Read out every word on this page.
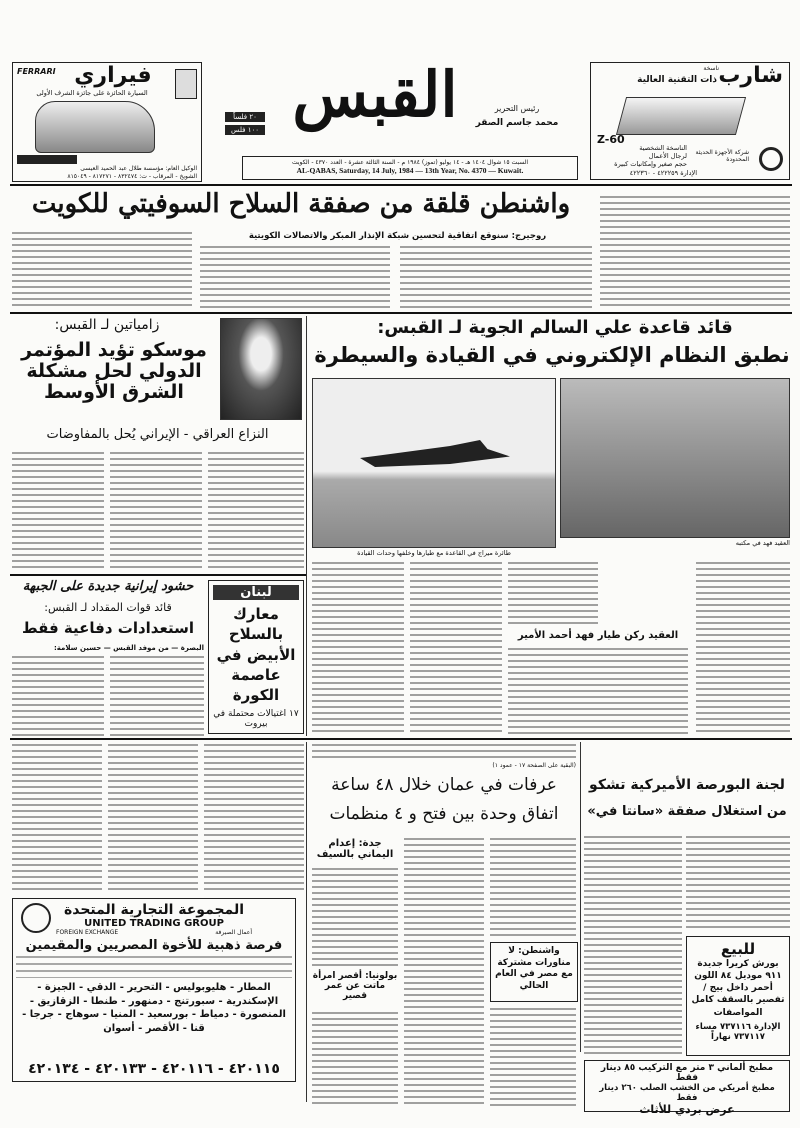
FERRARI فيراري
السيارة الحائزة على جائزة الشرف الأولى
الوكيل العام: مؤسسة طلال عبد الحميد العيسى
الشويخ - المرقاب - ت: ٨٣٢٤٧٤ - ٨١٧٢٧١ - ٨١٥٠٤٩
القبس
٢٠ فلساً
١٠٠ فلس
رئيس التحرير
محمد جاسم الصقر
السبت ١٥ شوال ١٤٠٤ هـ - ١٤ يوليو (تموز) ١٩٨٤ م - السنة الثالثة عشرة - العدد ٤٣٧٠ - الكويت
AL-QABAS, Saturday, 14 July, 1984 — 13th Year, No. 4370 — Kuwait.
شارب
ناسخة
ذات التقنية العالية
Z-60
الناسخة الشخصية
لرجال الأعمال
حجم صغير وإمكانيات كبيرة
شركة الأجهزة الحديثة المحدودة
الإدارة ٤٢٢٢٥٩ - ٤٢٢٣٦٠
واشنطن قلقة من صفقة السلاح السوفيتي للكويت
روجيرج: سنوقع اتفاقية لتحسين شبكة الإنذار المبكر والاتصالات الكويتية
زامياتين لـ القبس:
موسكو تؤيد المؤتمر الدولي لحل مشكلة الشرق الأوسط
النزاع العراقي - الإيراني يُحل بالمفاوضات
قائد قاعدة علي السالم الجوية لـ القبس:
نطبق النظام الإلكتروني في القيادة والسيطرة
طائرة ميراج في القاعدة مع طيارها وخلفها وحدات القيادة
العقيد فهد في مكتبه
العقيد ركن طيار فهد أحمد الأمير
حشود إيرانية جديدة على الجبهة
قائد قوات المقداد لـ القبس:
استعدادات دفاعية فقط
البصرة — من موفد القبس — حسين سلامة:
لبنان
معارك بالسلاح الأبيض في عاصمة الكورة
١٧ اغتيالات محتملة في بيروت
(البقية على الصفحة ١٧ - عمود ١)
عرفات في عمان خلال ٤٨ ساعة
اتفاق وحدة بين فتح و ٤ منظمات
لجنة البورصة الأميركية تشكو
من استغلال صفقة «سانتا في»
جدة: إعدام اليماني بالسيف
بولونيا: أقصر امرأة ماتت عن عمر قصير
واشنطن: لا مناورات مشتركة مع مصر في العام الحالي
المجموعة التجارية المتحدة
UNITED TRADING GROUP
أعمال الصيرفة
FOREIGN EXCHANGE
فرصة ذهبية للأخوة المصريين والمقيمين
المطار - هليوبوليس - التحرير - الدقي - الجيزة - الإسكندرية - سبورتنج - دمنهور - طنطا - الزقازيق - المنصورة - دمياط - بورسعيد - المنيا - سوهاج - جرجا - قنا - الأقصر - أسوان
٤٢٠١١٥ - ٤٢٠١١٦ - ٤٢٠١٣٣ - ٤٢٠١٣٤
للبيع
بورش كريرا جديدة ٩١١ موديل ٨٤ اللون أحمر داخل بيج / تفصير بالسقف كامل المواصفات
الإدارة ٧٣٧١١٦ مساء ٧٣٧١١٧ نهاراً
مطبخ ألماني ٣ متر مع التركيب ٨٥ دينار فقط
مطبخ أمريكي من الخشب الصلب ٢٦٠ دينار فقط
عرض بردي للأثاث
